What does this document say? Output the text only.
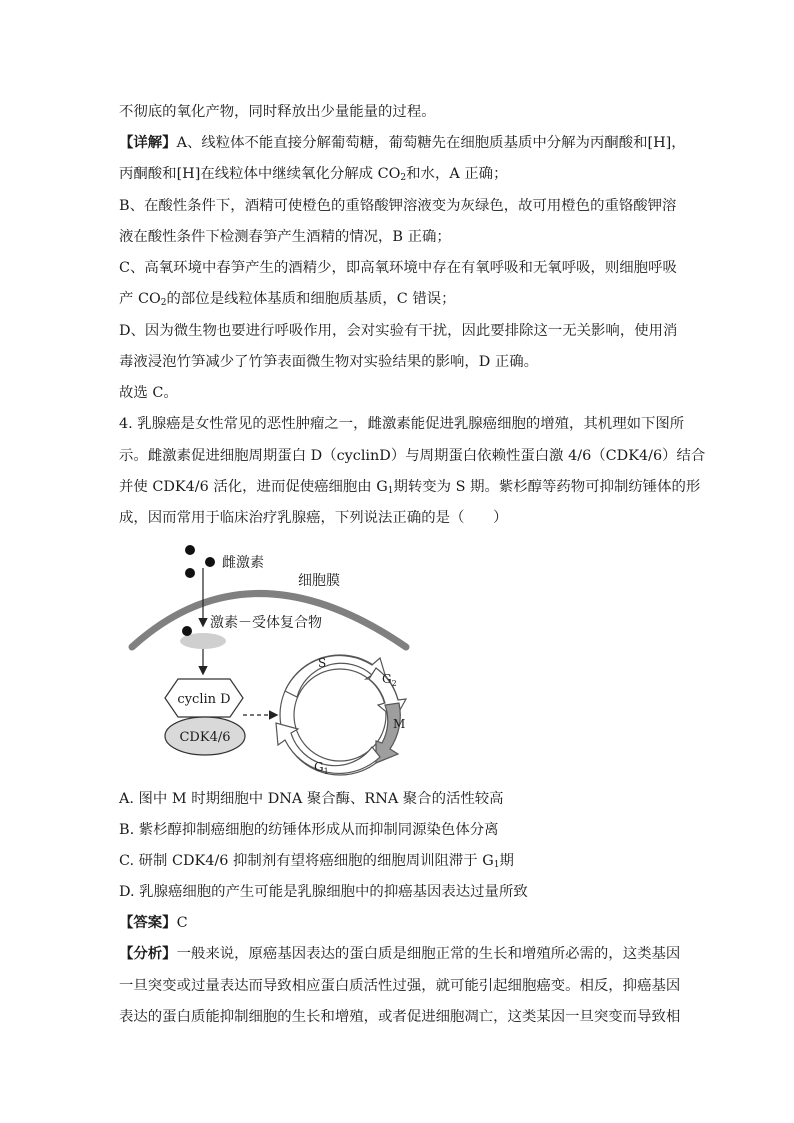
不彻底的氧化产物，同时释放出少量能量的过程。
【详解】A、线粒体不能直接分解葡萄糖，葡萄糖先在细胞质基质中分解为丙酮酸和[H]，
丙酮酸和[H]在线粒体中继续氧化分解成 $CO_2$和水，A 正确；
B、在酸性条件下，酒精可使橙色的重铬酸钾溶液变为灰绿色，故可用橙色的重铬酸钾溶
液在酸性条件下检测春笋产生酒精的情况，B 正确；
C、高氧环境中春笋产生的酒精少，即高氧环境中存在有氧呼吸和无氧呼吸，则细胞呼吸
产 $CO_2$的部位是线粒体基质和细胞质基质，C 错误；
D、因为微生物也要进行呼吸作用，会对实验有干扰，因此要排除这一无关影响，使用消
毒液浸泡竹笋减少了竹笋表面微生物对实验结果的影响，D 正确。
故选 C。
4. 乳腺癌是女性常见的恶性肿瘤之一，雌激素能促进乳腺癌细胞的增殖，其机理如下图所
示。雌激素促进细胞周期蛋白 D（cyclinD）与周期蛋白依赖性蛋白激 4/6（CDK4/6）结合
并使 CDK4/6 活化，进而促使癌细胞由 $G_1$期转变为 S 期。紫杉醇等药物可抑制纺锤体的形
成，因而常用于临床治疗乳腺癌，下列说法正确的是（　　）
雌激素
细胞膜
激素－受体复合物
cyclin D
CDK4/6
S
$G_2$
M
$G_1$
A. 图中 M 时期细胞中 DNA 聚合酶、RNA 聚合的活性较高
B. 紫杉醇抑制癌细胞的纺锤体形成从而抑制同源染色体分离
C. 研制 CDK4/6 抑制剂有望将癌细胞的细胞周训阻滞于 $G_1$期
D. 乳腺癌细胞的产生可能是乳腺细胞中的抑癌基因表达过量所致
【答案】C
【分析】一般来说，原癌基因表达的蛋白质是细胞正常的生长和增殖所必需的，这类基因
一旦突变或过量表达而导致相应蛋白质活性过强，就可能引起细胞癌变。相反，抑癌基因
表达的蛋白质能抑制细胞的生长和增殖，或者促进细胞凋亡，这类某因一旦突变而导致相
